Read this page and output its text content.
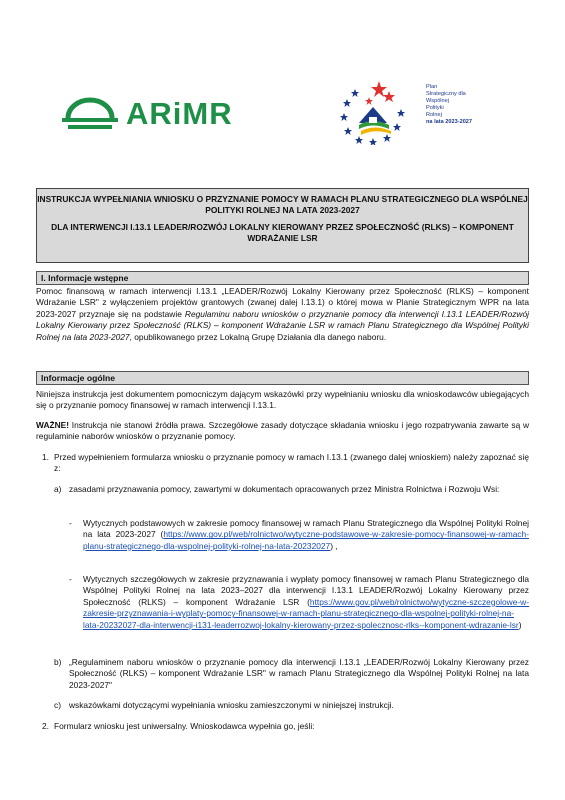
ARiMR
Plan
Strategiczny dla
Wspólnej
Polityki
Rolnej
na lata 2023-2027

INSTRUKCJA WYPEŁNIANIA WNIOSKU O PRZYZNANIE POMOCY W RAMACH PLANU STRATEGICZNEGO DLA WSPÓLNEJ POLITYKI ROLNEJ NA LATA 2023-2027

DLA INTERWENCJI I.13.1 LEADER/ROZWÓJ LOKALNY KIEROWANY PRZEZ SPOŁECZNOŚĆ (RLKS) – KOMPONENT WDRAŻANIE LSR

I. Informacje wstępne

Pomoc finansową w ramach interwencji I.13.1 „LEADER/Rozwój Lokalny Kierowany przez Społeczność (RLKS) – komponent Wdrażanie LSR" z wyłączeniem projektów grantowych (zwanej dalej I.13.1) o której mowa w Planie Strategicznym WPR na lata 2023-2027 przyznaje się na podstawie Regulaminu naboru wniosków o przyznanie pomocy dla interwencji I.13.1 LEADER/Rozwój Lokalny Kierowany przez Społeczność (RLKS) – komponent Wdrażanie LSR w ramach Planu Strategicznego dla Wspólnej Polityki Rolnej na lata 2023-2027, opublikowanego przez Lokalną Grupę Działania dla danego naboru.

Informacje ogólne

Niniejsza instrukcja jest dokumentem pomocniczym dającym wskazówki przy wypełnianiu wniosku dla wnioskodawców ubiegających się o przyznanie pomocy finansowej w ramach interwencji I.13.1.

WAŻNE! Instrukcja nie stanowi źródła prawa. Szczegółowe zasady dotyczące składania wniosku i jego rozpatrywania zawarte są w regulaminie naborów wniosków o przyznanie pomocy.

1. Przed wypełnieniem formularza wniosku o przyznanie pomocy w ramach I.13.1 (zwanego dalej wnioskiem) należy zapoznać się z:

a) zasadami przyznawania pomocy, zawartymi w dokumentach opracowanych przez Ministra Rolnictwa i Rozwoju Wsi:

- Wytycznych podstawowych w zakresie pomocy finansowej w ramach Planu Strategicznego dla Wspólnej Polityki Rolnej na lata 2023-2027 (https://www.gov.pl/web/rolnictwo/wytyczne-podstawowe-w-zakresie-pomocy-finansowej-w-ramach-planu-strategicznego-dla-wspolnej-polityki-rolnej-na-lata-20232027) ,

- Wytycznych szczegółowych w zakresie przyznawania i wypłaty pomocy finansowej w ramach Planu Strategicznego dla Wspólnej Polityki Rolnej na lata 2023–2027 dla interwencji I.13.1 LEADER/Rozwój Lokalny Kierowany przez Społeczność (RLKS) – komponent Wdrażanie LSR (https://www.gov.pl/web/rolnictwo/wytyczne-szczegolowe-w-zakresie-przyznawania-i-wyplaty-pomocy-finansowej-w-ramach-planu-strategicznego-dla-wspolnej-polityki-rolnej-na-lata-20232027-dla-interwencji-i131-leaderrozwoj-lokalny-kierowany-przez-spolecznosc-rlks--komponent-wdrazanie-lsr)

b) „Regulaminem naboru wniosków o przyznanie pomocy dla interwencji I.13.1 „LEADER/Rozwój Lokalny Kierowany przez Społeczność (RLKS) – komponent Wdrażanie LSR" w ramach Planu Strategicznego dla Wspólnej Polityki Rolnej na lata 2023-2027"

c) wskazówkami dotyczącymi wypełniania wniosku zamieszczonymi w niniejszej instrukcji.

2. Formularz wniosku jest uniwersalny. Wnioskodawca wypełnia go, jeśli:
